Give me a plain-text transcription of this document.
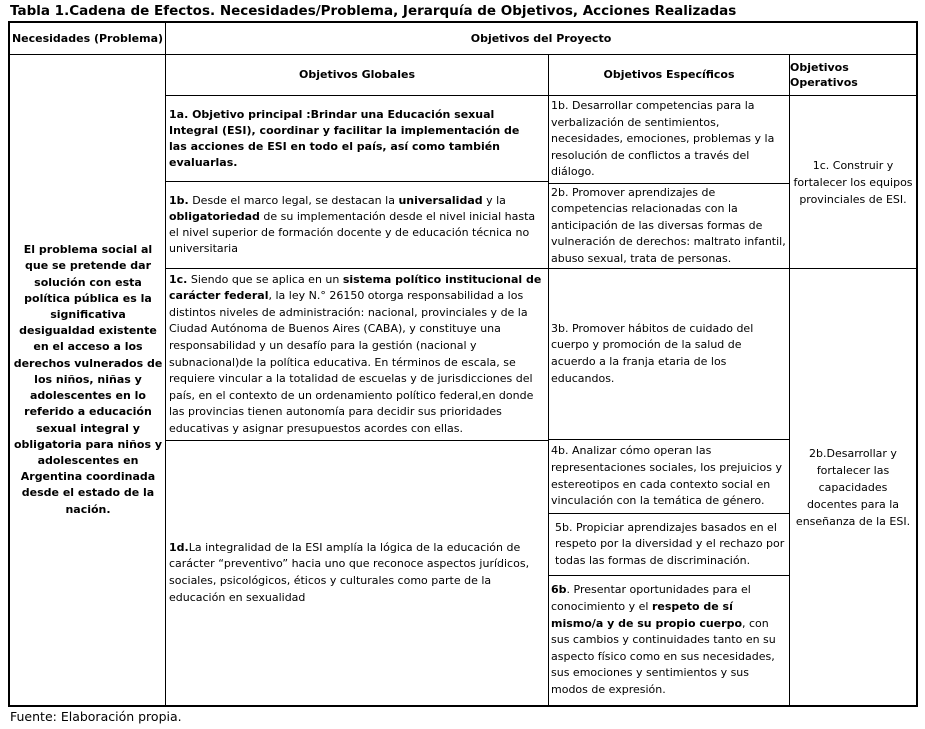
Tabla 1.Cadena de Efectos. Necesidades/Problema, Jerarquía de Objetivos, Acciones Realizadas
Necesidades (Problema)	Objetivos del Proyecto
Objetivos Globales	Objetivos Específicos
Objetivos Operativos
El problema social al que se pretende dar solución con esta política pública es la significativa desigualdad existente en el acceso a los derechos vulnerados de los niños, niñas y adolescentes en lo referido a educación sexual integral y obligatoria para niños y adolescentes en Argentina coordinada desde el estado de la nación.
1a. Objetivo principal :Brindar una Educación sexual Integral (ESI), coordinar y facilitar la implementación de las acciones de ESI en todo el país, así como también evaluarlas.
1b. Desde el marco legal, se destacan la universalidad y la obligatoriedad de su implementación desde el nivel inicial hasta el nivel superior de formación docente y de educación técnica no universitaria
1c. Siendo que se aplica en un sistema político institucional de carácter federal, la ley N.° 26150 otorga responsabilidad a los distintos niveles de administración: nacional, provinciales y de la Ciudad Autónoma de Buenos Aires (CABA), y constituye una responsabilidad y un desafío para la gestión (nacional y subnacional)de la política educativa. En términos de escala, se requiere vincular a la totalidad de escuelas y de jurisdicciones del país, en el contexto de un ordenamiento político federal,en donde las provincias tienen autonomía para decidir sus prioridades educativas y asignar presupuestos acordes con ellas.
1d.La integralidad de la ESI amplía la lógica de la educación de carácter “preventivo” hacia uno que reconoce aspectos jurídicos, sociales, psicológicos, éticos y culturales como parte de la educación en sexualidad
1b. Desarrollar competencias para la verbalización de sentimientos, necesidades, emociones, problemas y la resolución de conflictos a través del diálogo.
2b. Promover aprendizajes de competencias relacionadas con la anticipación de las diversas formas de vulneración de derechos: maltrato infantil, abuso sexual, trata de personas.
3b. Promover hábitos de cuidado del cuerpo y promoción de la salud de acuerdo a la franja etaria de los educandos.
4b. Analizar cómo operan las representaciones sociales, los prejuicios y estereotipos en cada contexto social en vinculación con la temática de género.
5b. Propiciar aprendizajes basados en el respeto por la diversidad y el rechazo por todas las formas de discriminación.
6b. Presentar oportunidades para el conocimiento y el respeto de sí mismo/a y de su propio cuerpo, con sus cambios y continuidades tanto en su aspecto físico como en sus necesidades, sus emociones y sentimientos y sus modos de expresión.
1c. Construir y fortalecer los equipos provinciales de ESI.
2b.Desarrollar y fortalecer las capacidades docentes para la enseñanza de la ESI.
Fuente: Elaboración propia.
